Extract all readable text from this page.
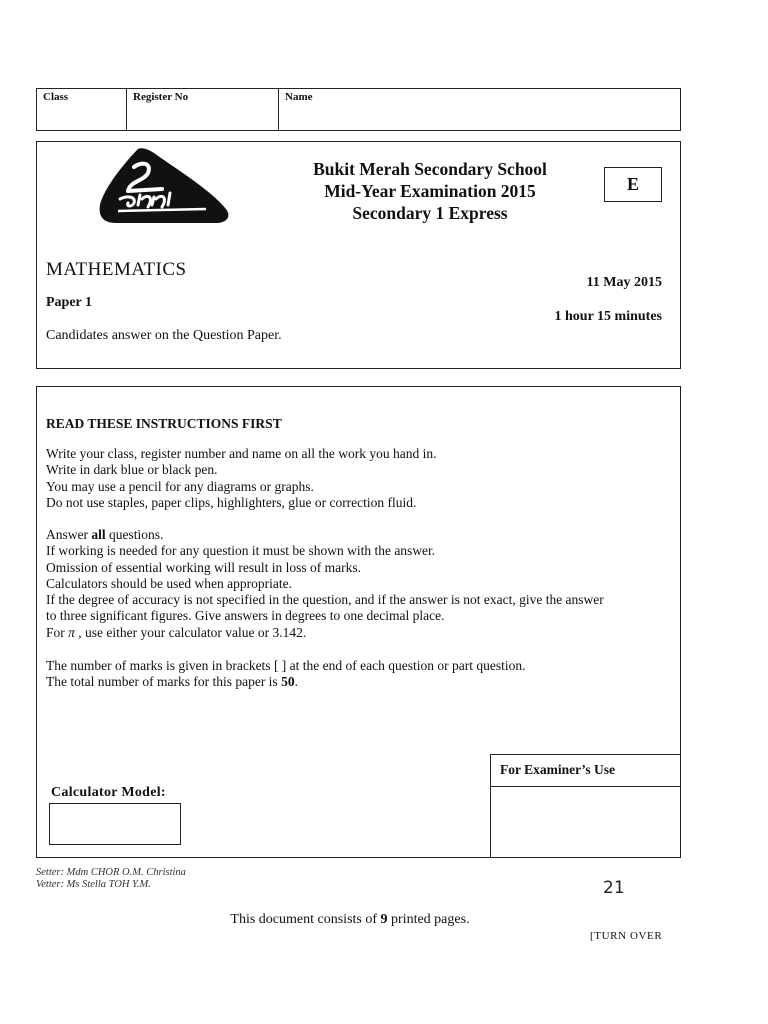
Class	Register No	Name
Bukit Merah Secondary School
Mid-Year Examination 2015
Secondary 1 Express
E
MATHEMATICS
Paper 1
Candidates answer on the Question Paper.
11 May 2015
1 hour 15 minutes
READ THESE INSTRUCTIONS FIRST
Write your class, register number and name on all the work you hand in.
Write in dark blue or black pen.
You may use a pencil for any diagrams or graphs.
Do not use staples, paper clips, highlighters, glue or correction fluid.
Answer all questions.
If working is needed for any question it must be shown with the answer.
Omission of essential working will result in loss of marks.
Calculators should be used when appropriate.
If the degree of accuracy is not specified in the question, and if the answer is not exact, give the answer
to three significant figures. Give answers in degrees to one decimal place.
For π , use either your calculator value or 3.142.
The number of marks is given in brackets [ ] at the end of each question or part question.
The total number of marks for this paper is 50.
For Examiner’s Use
Calculator Model:
Setter: Mdm CHOR O.M. Christina
Vetter: Ms Stella TOH Y.M.	21
This document consists of 9 printed pages.
[TURN OVER
